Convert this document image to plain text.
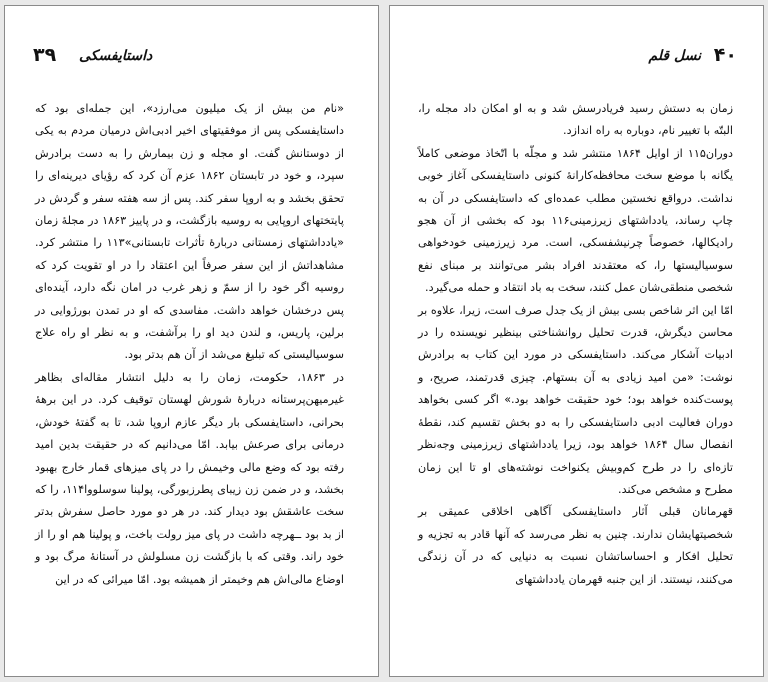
۳۹ داستایفسکی

«نام من بیش از یک میلیون می‌ارزد»، این جمله‌ای بود که داستایفسکی پس از موفقیتهای اخیر ادبی‌اش درمیان مردم به یکی از دوستانش گفت. او مجله و زن بیمارش را به دست برادرش سپرد، و خود در تابستان ۱۸۶۲ عزم آن کرد که رؤیای دیرینه‌ای را تحقق بخشد و به اروپا سفر کند. پس از سه هفته سفر و گردش در پایتختهای اروپایی به روسیه بازگشت، و در پاییز ۱۸۶۳ در مجلهٔ زمان «یادداشتهای زمستانی دربارهٔ تأثرات تابستانی»۱۱۳ را منتشر کرد. مشاهداتش از این سفر صرفاً این اعتقاد را در او تقویت کرد که روسیه اگر خود را از سمّ و زهر غرب در امان نگه دارد، آینده‌ای پس درخشان خواهد داشت. مفاسدی که او در تمدن بورژوایی در برلین، پاریس، و لندن دید او را برآشفت، و به نظر او راه علاج سوسیالیستی که تبلیغ می‌شد از آن هم بدتر بود.

در ۱۸۶۳، حکومت، زمان را به دلیل انتشار مقاله‌ای بظاهر غیرمیهن‌پرستانه دربارهٔ شورش لهستان توقیف کرد. در این برههٔ بحرانی، داستایفسکی بار دیگر عازم اروپا شد، تا به گفتهٔ خودش، درمانی برای صرعش بیابد. امّا می‌دانیم که در حقیقت بدین امید رفته بود که وضع مالی وخیمش را در پای میزهای قمار خارج بهبود بخشد، و در ضمن زن زیبای پطرزبورگی، پولینا سوسلووا۱۱۴، را که سخت عاشقش بود دیدار کند. در هر دو مورد حاصل سفرش بدتر از بد بود ــهرچه داشت در پای میز رولت باخت، و پولینا هم او را از خود راند. وقتی که با بازگشت زن مسلولش در آستانهٔ مرگ بود و اوضاع مالی‌اش هم وخیمتر از همیشه بود. امّا میرائی که در این

۴۰
نسل قلم

زمان به دستش رسید فریادرسش شد و به او امکان داد مجله را، البتّه با تغییر نام، دوباره به راه اندازد.

دوران۱۱۵ از اوایل ۱۸۶۴ منتشر شد و مجلّه با اتّخاذ موضعی کاملاً یگانه با موضع سخت محافظه‌کارانهٔ کنونی داستایفسکی آغاز خوبی نداشت. درواقع نخستین مطلب عمده‌ای که داستایفسکی در آن به چاپ رساند، یادداشتهای زیرزمینی۱۱۶ بود که بخشی از آن هجو رادیکالها، خصوصاً چرنیشفسکی، است. مرد زیرزمینی خودخواهی سوسیالیستها را، که معتقدند افراد بشر می‌توانند بر مبنای نفع شخصی منطقی‌شان عمل کنند، سخت به باد انتقاد و حمله می‌گیرد.

امّا این اثر شاخص بسی بیش از یک جدل صرف است، زیرا، علاوه بر محاسن دیگرش، قدرت تحلیل روانشناختی بینظیر نویسنده را در ادبیات آشکار می‌کند. داستایفسکی در مورد این کتاب به برادرش نوشت: «من امید زیادی به آن بستهام. چیزی قدرتمند، صریح، و پوست‌کنده خواهد بود؛ خود حقیقت خواهد بود.» اگر کسی بخواهد دوران فعالیت ادبی داستایفسکی را به دو بخش تقسیم کند، نقطهٔ انفصال سال ۱۸۶۴ خواهد بود، زیرا یادداشتهای زیرزمینی وجه‌نظر تازه‌ای را در طرح کم‌وبیش یکنواخت نوشته‌های او تا این زمان مطرح و مشخص می‌کند.

قهرمانان قبلی آثار داستایفسکی آگاهی اخلاقی عمیقی بر شخصیتهایشان ندارند. چنین به نظر می‌رسد که آنها قادر به تجزیه و تحلیل افکار و احساساتشان نسبت به دنیایی که در آن زندگی می‌کنند، نیستند. از این جنبه قهرمان یادداشتهای
